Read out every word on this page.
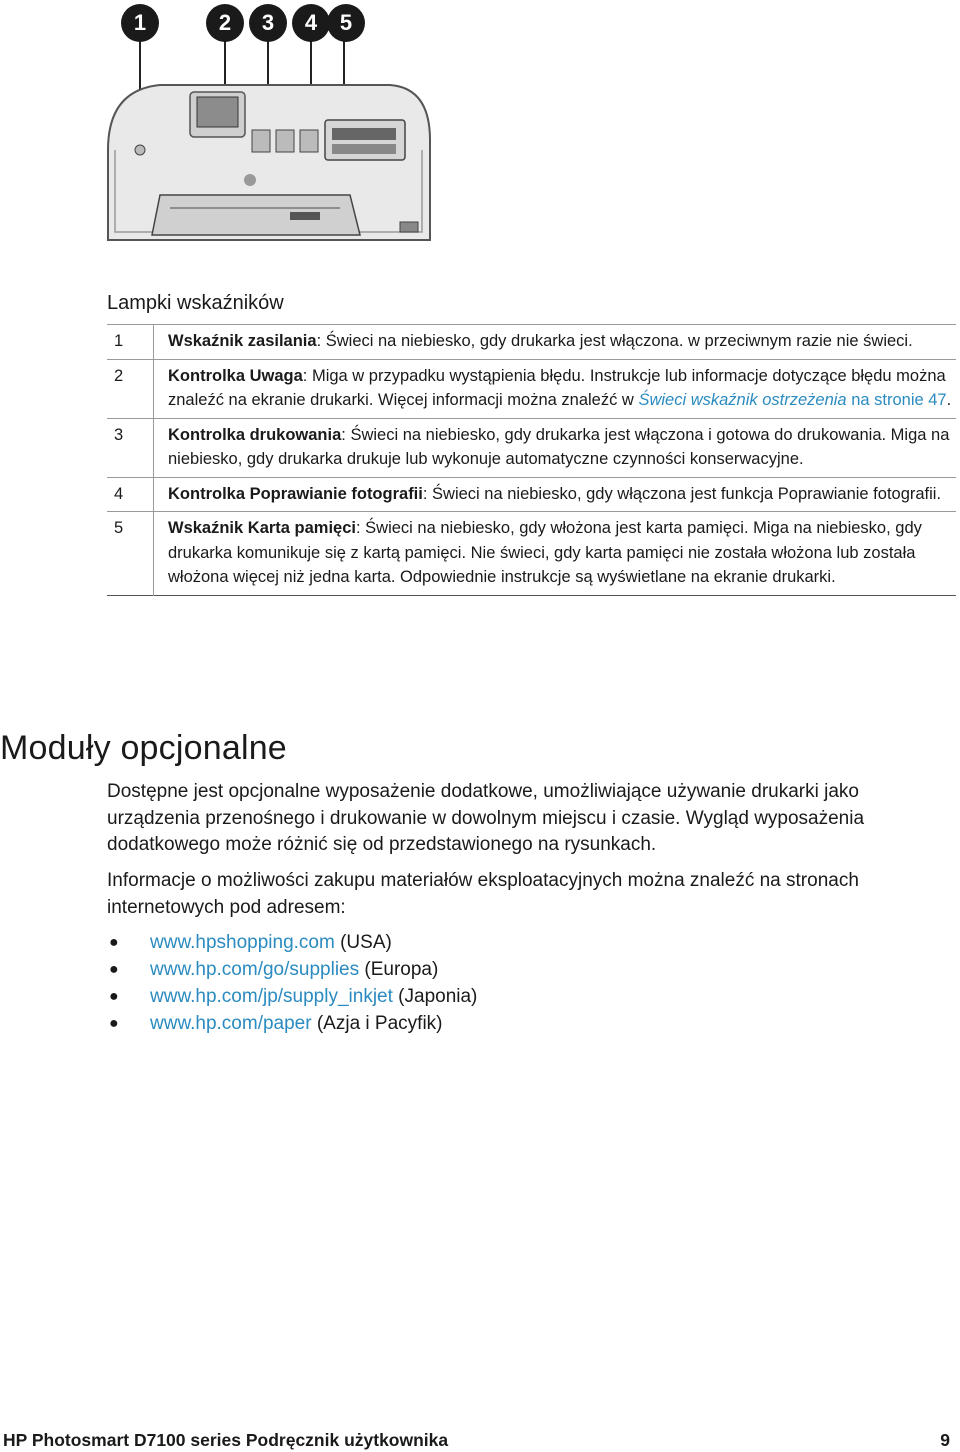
1	2	3	4	5
Lampki wskaźników
1	Wskaźnik zasilania: Świeci na niebiesko, gdy drukarka jest włączona. w przeciwnym razie nie świeci.

2	Kontrolka Uwaga: Miga w przypadku wystąpienia błędu. Instrukcje lub informacje dotyczące błędu można znaleźć na ekranie drukarki. Więcej informacji można znaleźć w Świeci wskaźnik ostrzeżenia na stronie 47.

3	Kontrolka drukowania: Świeci na niebiesko, gdy drukarka jest włączona i gotowa do drukowania. Miga na niebiesko, gdy drukarka drukuje lub wykonuje automatyczne czynności konserwacyjne.

4	Kontrolka Poprawianie fotografii: Świeci na niebiesko, gdy włączona jest funkcja Poprawianie fotografii.

5	Wskaźnik Karta pamięci: Świeci na niebiesko, gdy włożona jest karta pamięci. Miga na niebiesko, gdy drukarka komunikuje się z kartą pamięci. Nie świeci, gdy karta pamięci nie została włożona lub została włożona więcej niż jedna karta. Odpowiednie instrukcje są wyświetlane na ekranie drukarki.
Moduły opcjonalne

Dostępne jest opcjonalne wyposażenie dodatkowe, umożliwiające używanie drukarki jako urządzenia przenośnego i drukowanie w dowolnym miejscu i czasie. Wygląd wyposażenia dodatkowego może różnić się od przedstawionego na rysunkach.

Informacje o możliwości zakupu materiałów eksploatacyjnych można znaleźć na stronach internetowych pod adresem:

● www.hpshopping.com (USA)
● www.hp.com/go/supplies (Europa)
● www.hp.com/jp/supply_inkjet (Japonia)
● www.hp.com/paper (Azja i Pacyfik)
HP Photosmart D7100 series Podręcznik użytkownika	9
